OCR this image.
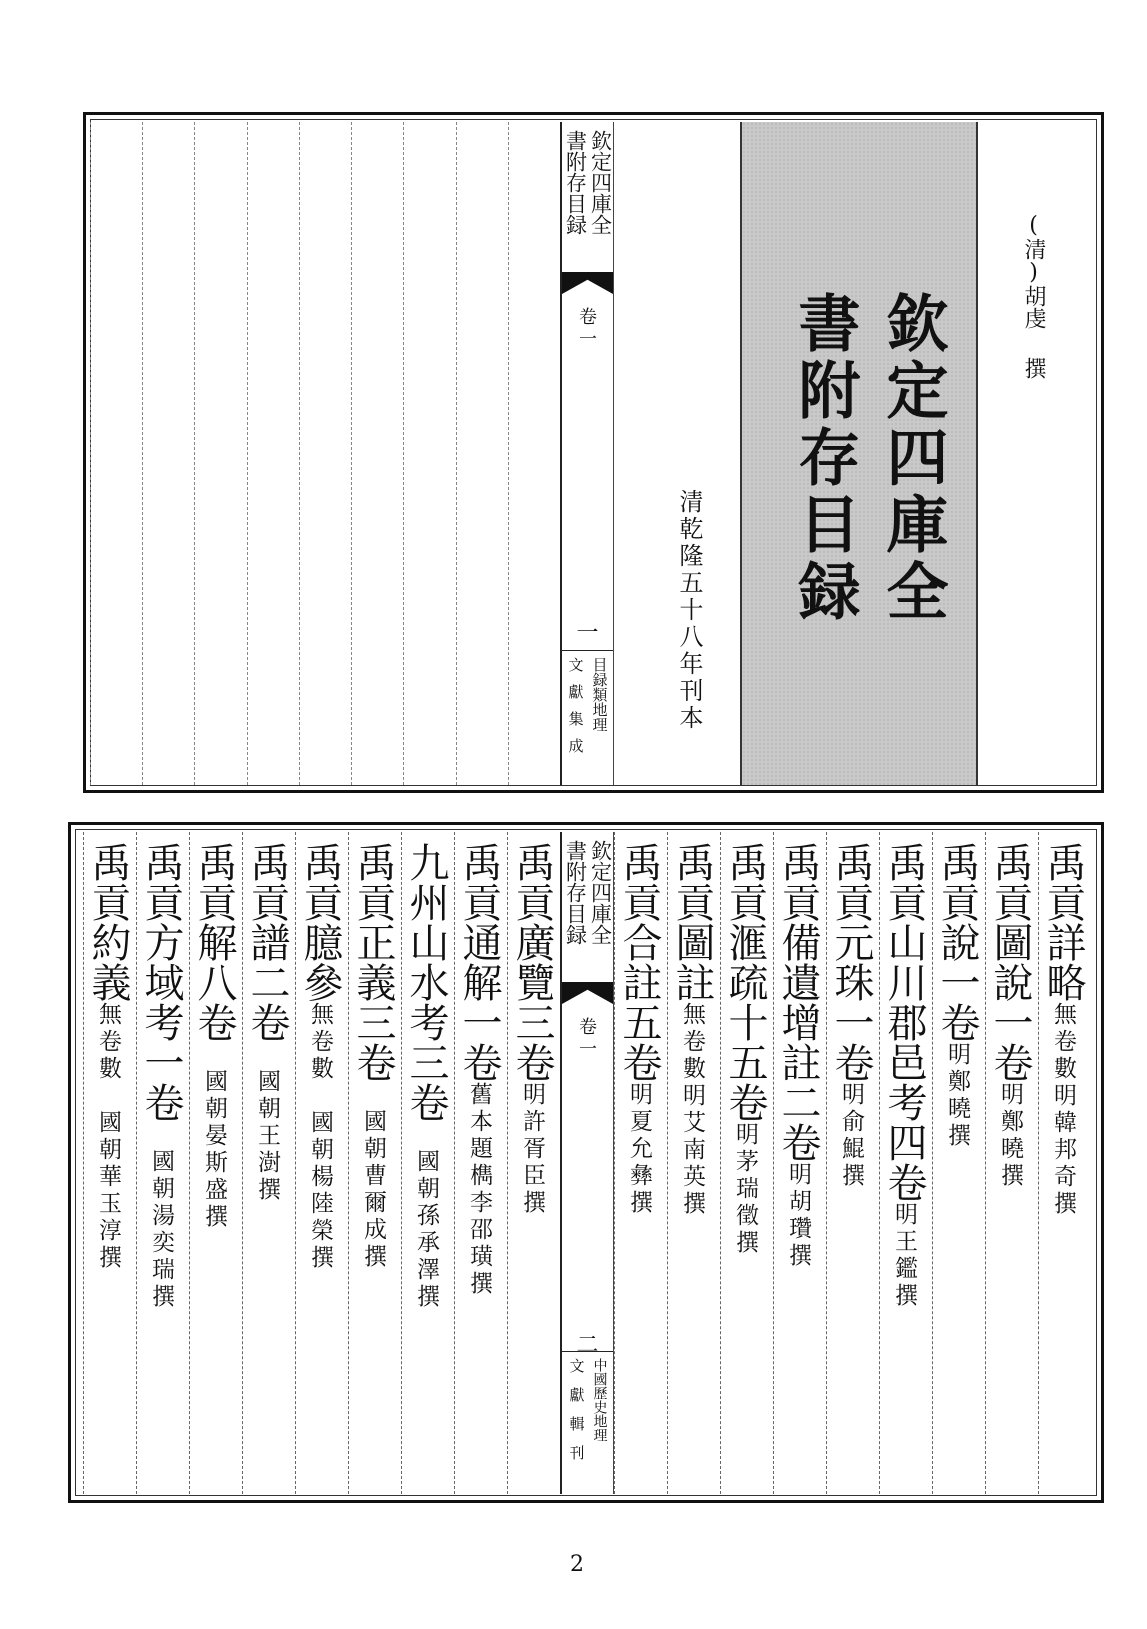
欽定四庫全書附存目録
卷一
一
目録類地理
文獻集成	清乾隆五十八年刊本	欽定四庫全書附存目録
(清)胡虔撰
禹貢廣覽三卷明許胥臣撰
禹貢通解一卷舊本題檇李邵璜撰
九州山水考三卷　國朝孫承澤撰
禹貢正義三卷　國朝曹爾成撰
禹貢臆參無卷數　國朝楊陸榮撰
禹貢譜二卷　國朝王澍撰
禹貢解八卷　國朝晏斯盛撰
禹貢方域考一卷　國朝湯奕瑞撰
禹貢約義無卷數　國朝華玉淳撰
欽定四庫全書附存目録
卷一
二
中國歷史地理
文獻輯刊
禹貢詳略無卷數明韓邦奇撰
禹貢圖說一卷明鄭曉撰
禹貢說一卷明鄭曉撰
禹貢山川郡邑考四卷明王鑑撰
禹貢元珠一卷明俞鯤撰
禹貢備遺增註二卷明胡瓚撰
禹貢滙疏十五卷明茅瑞徵撰
禹貢圖註無卷數明艾南英撰
禹貢合註五卷明夏允彝撰
2
